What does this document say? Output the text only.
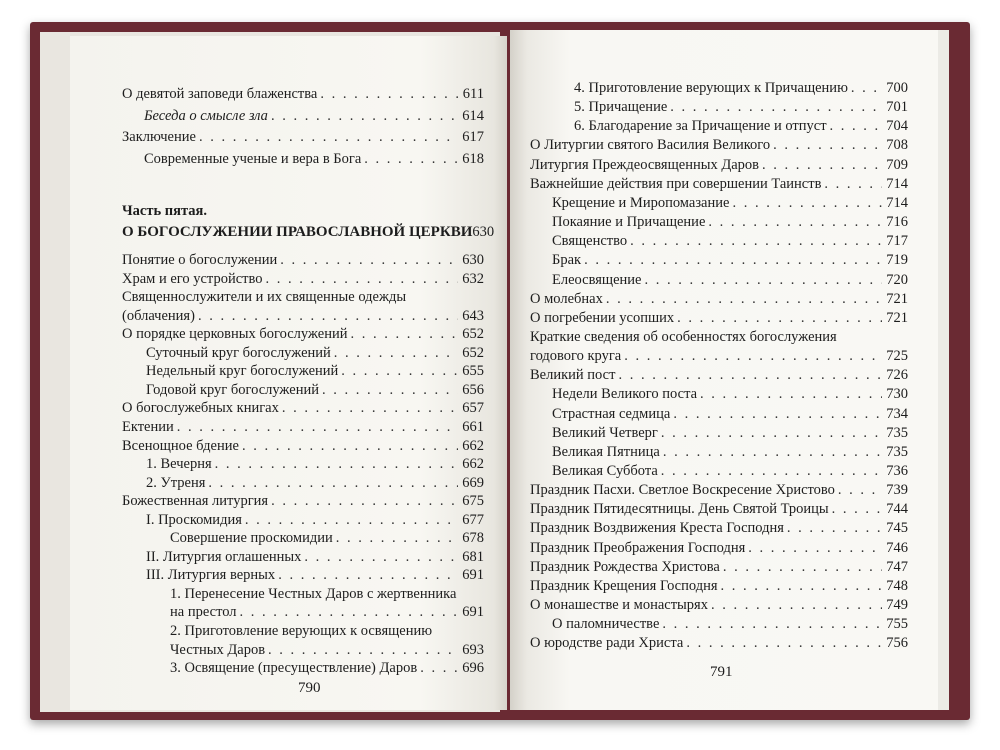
О девятой заповеди блаженства . . .	611
Беседа о смысле зла . . .	614
Заключение . . .	617
Современные ученые и вера в Бога . . .	618
Часть пятая.
О БОГОСЛУЖЕНИИ ПРАВОСЛАВНОЙ ЦЕРКВИ 630
Понятие о богослужении . . .	630
Храм и его устройство . . .	632
Священнослужители и их священные одежды
(облачения) . . .	643
О порядке церковных богослужений . . .	652
Суточный круг богослужений . . .	652
Недельный круг богослужений . . .	655
Годовой круг богослужений . . .	656
О богослужебных книгах . . .	657
Ектении . . .	661
Всенощное бдение . . .	662
1. Вечерня . . .	662
2. Утреня . . .	669
Божественная литургия . . .	675
I. Проскомидия . . .	677
Совершение проскомидии . . .	678
II. Литургия оглашенных . . .	681
III. Литургия верных . . .	691
1. Перенесение Честных Даров с жертвенника
на престол . . .	691
2. Приготовление верующих к освящению
Честных Даров . . .	693
3. Освящение (пресуществление) Даров . . .	696
790
4. Приготовление верующих к Причащению . . .	700
5. Причащение . . .	701
6. Благодарение за Причащение и отпуст . . .	704
О Литургии святого Василия Великого . . .	708
Литургия Преждеосвященных Даров . . .	709
Важнейшие действия при совершении Таинств . . .	714
Крещение и Миропомазание . . .	714
Покаяние и Причащение . . .	716
Священство . . .	717
Брак . . .	719
Елеосвящение . . .	720
О молебнах . . .	721
О погребении усопших . . .	721
Краткие сведения об особенностях богослужения
годового круга . . .	725
Великий пост . . .	726
Недели Великого поста . . .	730
Страстная седмица . . .	734
Великий Четверг . . .	735
Великая Пятница . . .	735
Великая Суббота . . .	736
Праздник Пасхи. Светлое Воскресение Христово . . .	739
Праздник Пятидесятницы. День Святой Троицы . . .	744
Праздник Воздвижения Креста Господня . . .	745
Праздник Преображения Господня . . .	746
Праздник Рождества Христова . . .	747
Праздник Крещения Господня . . .	748
О монашестве и монастырях . . .	749
О паломничестве . . .	755
О юродстве ради Христа . . .	756
791
